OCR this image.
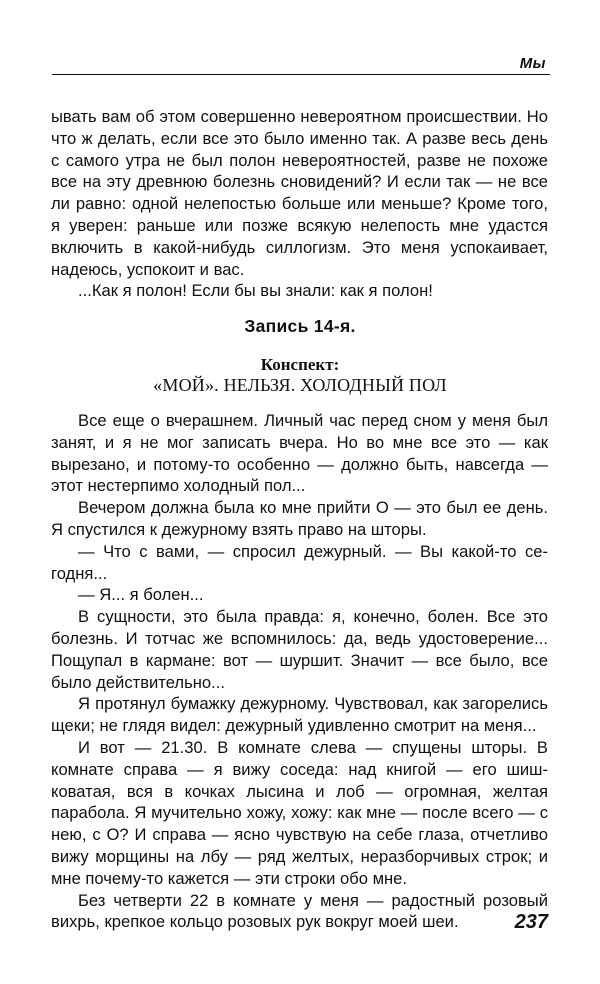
Мы

ывать вам об этом совершенно невероятном происшествии. Но что ж делать, если все это было именно так. А разве весь день с самого утра не был полон невероятностей, разве не похоже все на эту древнюю болезнь сновидений? И если так — не все ли равно: одной нелепостью больше или меньше? Кроме того, я уверен: раньше или позже всякую нелепость мне удастся включить в какой-нибудь силлогизм. Это меня успокаивает, надеюсь, успокоит и вас.

...Как я полон! Если бы вы знали: как я полон!

Запись 14-я.
Конспект:
«МОЙ». НЕЛЬЗЯ. ХОЛОДНЫЙ ПОЛ

Все еще о вчерашнем. Личный час перед сном у меня был занят, и я не мог записать вчера. Но во мне все это — как вырезано, и потому-то особенно — должно быть, навсегда — этот нестерпимо холодный пол...

Вечером должна была ко мне прийти О — это был ее день. Я спустился к дежурному взять право на шторы.

— Что с вами, — спросил дежурный. — Вы какой-то сегодня...

— Я... я болен...

В сущности, это была правда: я, конечно, болен. Все это болезнь. И тотчас же вспомнилось: да, ведь удостоверение... Пощупал в кармане: вот — шуршит. Значит — все было, все было действительно...

Я протянул бумажку дежурному. Чувствовал, как загорелись щеки; не глядя видел: дежурный удивленно смотрит на меня...

И вот — 21.30. В комнате слева — спущены шторы. В комнате справа — я вижу соседа: над книгой — его шишковатая, вся в кочках лысина и лоб — огромная, желтая парабола. Я мучительно хожу, хожу: как мне — после всего — с нею, с О? И справа — ясно чувствую на себе глаза, отчетливо вижу морщины на лбу — ряд желтых, неразборчивых строк; и мне почему-то кажется — эти строки обо мне.

Без четверти 22 в комнате у меня — радостный розовый вихрь, крепкое кольцо розовых рук вокруг моей шеи.	237
